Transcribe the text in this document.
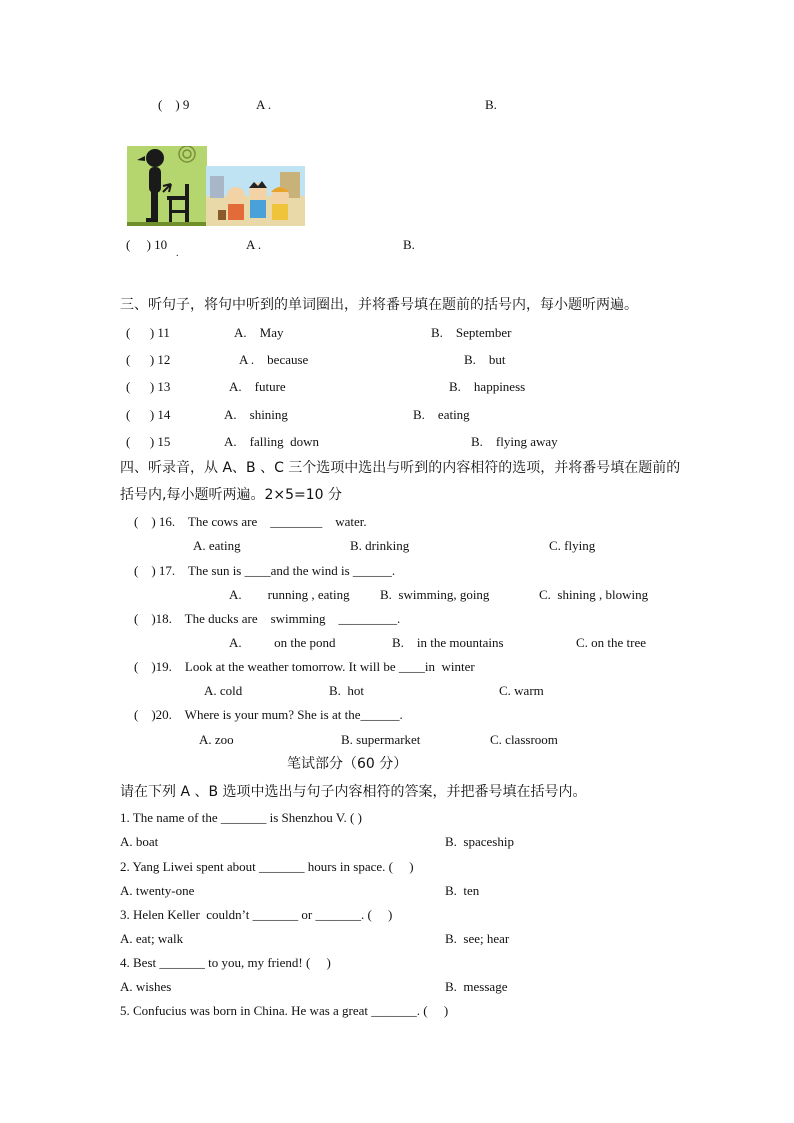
(    ) 9	A .	B.
(     ) 10
.
A .	B.
三、听句子，将句中听到的单词圈出，并将番号填在题前的括号内，每小题听两遍。
(      ) 11	A.    May	B.    September
(      ) 12	A .    because	B.    but
(      ) 13	A.    future	B.    happiness
(      ) 14	A.    shining	B.    eating
(      ) 15	A.    falling  down	B.    flying away
四、听录音，从 A、B 、C 三个选项中选出与听到的内容相符的选项，并将番号填在题前的
括号内,每小题听两遍。2×5=10 分
(    ) 16.    The cows are    ________    water.
A. eating	B. drinking	C. flying
(    ) 17.    The sun is ____and the wind is ______.
A.        running , eating B.  swimming, going	C.  shining , blowing
(    )18.    The ducks are    swimming    _________.
A.          on the pond	B.    in the mountains	C. on the tree
(    )19.    Look at the weather tomorrow. It will be ____in  winter
A. cold	B.  hot	C. warm
(    )20.    Where is your mum? She is at the______.
A. zoo	B. supermarket	C. classroom
笔试部分（60 分）
请在下列 A 、B 选项中选出与句子内容相符的答案，并把番号填在括号内。
1. The name of the _______ is Shenzhou V. ( )
A. boat	B.  spaceship
2. Yang Liwei spent about _______ hours in space. (     )
A. twenty-one	B.  ten
3. Helen Keller  couldn’t _______ or _______. (     )
A. eat; walk	B.  see; hear
4. Best _______ to you, my friend! (     )
A. wishes	B.  message
5. Confucius was born in China. He was a great _______. (     )
